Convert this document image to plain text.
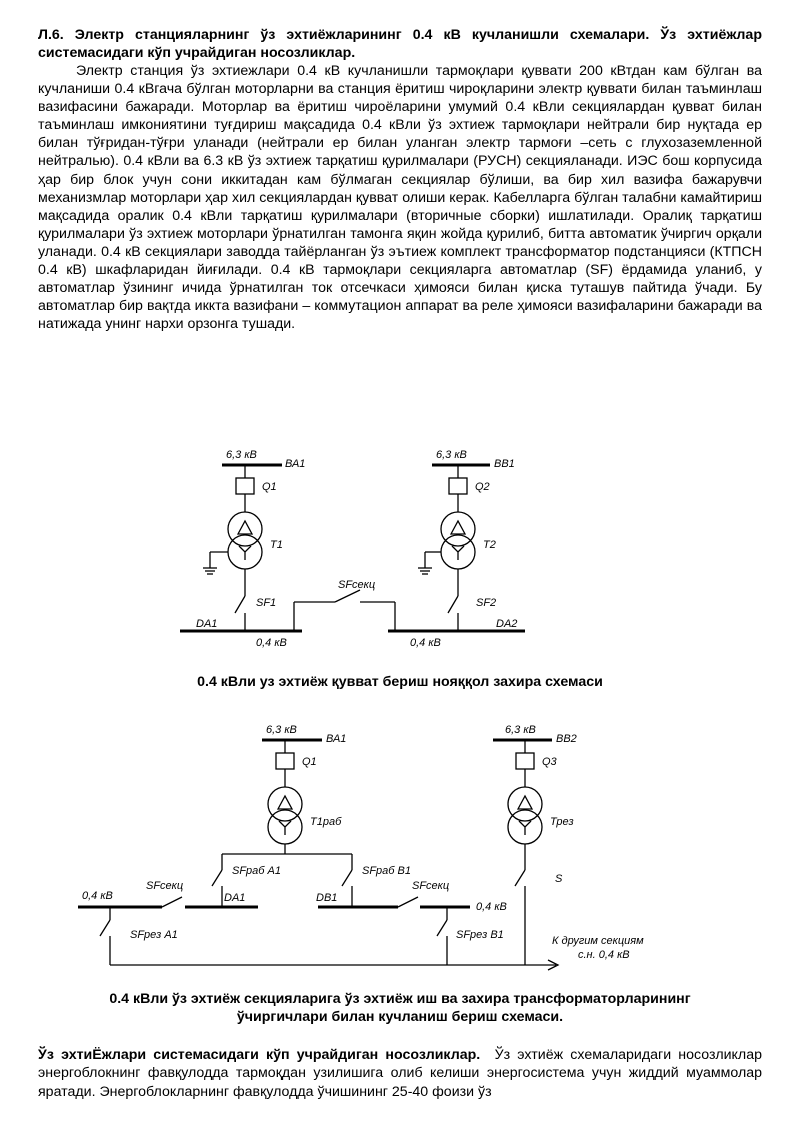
Л.6. Электр станцияларнинг ўз эхтиёжларининг 0.4 кВ кучланишли схемалари. Ўз эхтиёжлар системасидаги кўп учрайдиган носозликлар.

Электр станция ўз эхтиежлари 0.4 кВ кучланишли тармоқлари қуввати 200 кВтдан кам бўлган ва кучланиши 0.4 кВгача бўлган моторларни ва станция ёритиш чироқларини электр қуввати билан таъминлаш вазифасини бажаради. Моторлар ва ёритиш чироёларини умумий 0.4 кВли секциялардан қувват билан таъминлаш имкониятини туғдириш мақсадида 0.4 кВли ўз эхтиеж тармоқлари нейтрали бир нуқтада ер билан тўғридан-тўғри уланади (нейтрали ер билан уланган электр тармоғи –сеть с глухозаземленной нейтралью). 0.4 кВли ва 6.3 кВ ўз эхтиеж тарқатиш қурилмалари (РУСН) секцияланади. ИЭС бош корпусида ҳар бир блок учун сони иккитадан кам бўлмаган секциялар бўлиши, ва бир хил вазифа бажарувчи механизмлар моторлари ҳар хил секциялардан қувват олиши керак. Кабелларга бўлган талабни камайтириш мақсадида оралик 0.4 кВли тарқатиш қурилмалари (вторичные сборки) ишлатилади. Оралиқ тарқатиш қурилмалари ўз эхтиеж моторлари ўрнатилган тамонга яқин жойда қурилиб, битта автоматик ўчиргич орқали уланади. 0.4 кВ секциялари заводда тайёрланган ўз эътиеж комплект трансформатор подстанцияси (КТПСН 0.4 кВ) шкафларидан йиғилади. 0.4 кВ тармоқлари секцияларга автоматлар (SF) ёрдамида уланиб, у автоматлар ўзининг ичида ўрнатилган ток отсечкаси ҳимояси билан қиска туташув пайтида ўчади. Бу автоматлар бир вақтда иккта вазифани – коммутацион аппарат ва реле ҳимояси вазифаларини бажаради ва натижада унинг нархи орзонга тушади.

6,3 кВ
ВА1
Q1
Т1
6,3 кВ
ВВ1
Q2
Т2
SFсекц
SF1	SF2
DA1	DA2
0,4 кВ	0,4 кВ

0.4 кВли уз эхтиёж қувват бериш нояққол захира схемаси

6,3 кВ
ВА1
Q1
Т1раб
6,3 кВ
ВВ2
Q3
Трез
SFраб А1	SFраб В1
S
0,4 кВ
SFсекц
DA1	DB1
SFсекц
0,4 кВ
SFрез А1	SFрез В1	К другим секциям
с.н. 0,4 кВ

0.4 кВли ўз эхтиёж секцияларига ўз эхтиёж иш ва захира трансформаторларининг ўчиргичлари билан кучланиш бериш схемаси.

Ўз эхтиЁжлари системасидаги кўп учрайдиган носозликлар. Ўз эхтиёж схемаларидаги носозликлар энергоблокнинг фавқулодда тармоқдан узилишига олиб келиши энергосистема учун жиддий муаммолар яратади. Энергоблокларнинг фавқулодда ўчишининг 25-40 фоизи ўз
